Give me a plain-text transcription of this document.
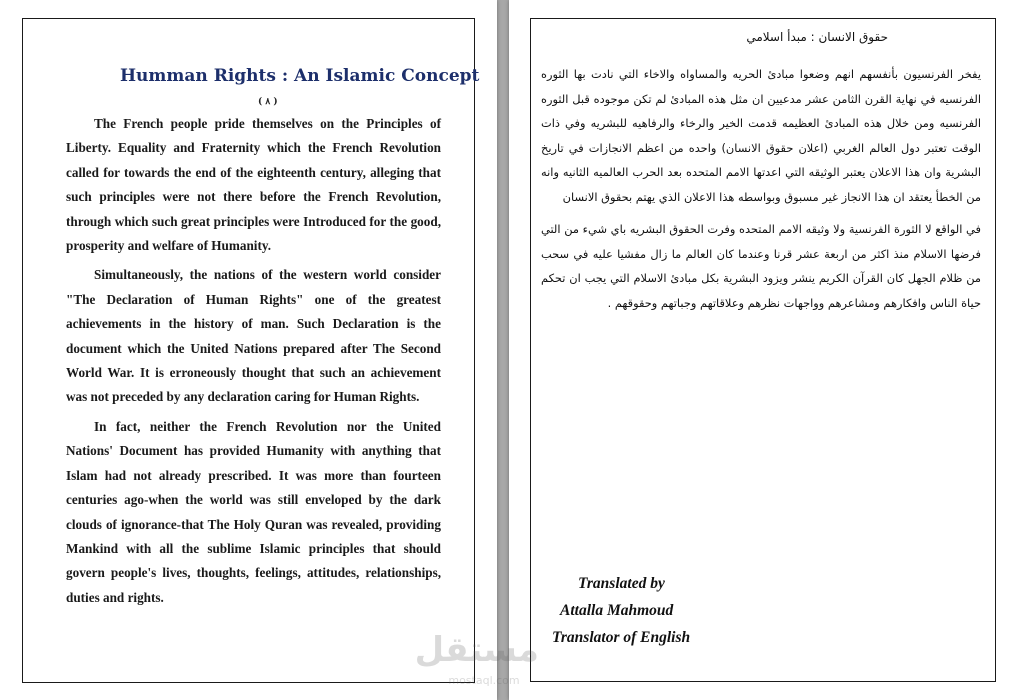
Humman Rights : An Islamic Concept
( ٨ )

The French people pride themselves on the Principles of Liberty. Equality and Fraternity which the French Revolution called for towards the end of the eighteenth century, alleging that such principles were not there before the French Revolution, through which such great principles were Introduced for the good, prosperity and welfare of Humanity.

Simultaneously, the nations of the western world consider "The Declaration of Human Rights" one of the greatest achievements in the history of man. Such Declaration is the document which the United Nations prepared after The Second World War. It is erroneously thought that such an achievement was not preceded by any declaration caring for Human Rights.

In fact, neither the French Revolution nor the United Nations' Document has provided Humanity with anything that Islam had not already prescribed. It was more than fourteen centuries ago-when the world was still enveloped by the dark clouds of ignorance-that The Holy Quran was revealed, providing Mankind with all the sublime Islamic principles that should govern people's lives, thoughts, feelings, attitudes, relationships, duties and rights.

حقوق الانسان : مبدأ اسلامي

يفخر الفرنسيون بأنفسهم انهم وضعوا مبادئ الحريه والمساواه والاخاء التي نادت بها الثوره الفرنسيه في نهاية القرن الثامن عشر مدعيين ان مثل هذه المبادئ لم تكن موجوده قبل الثوره الفرنسيه ومن خلال هذه المبادئ العظيمه قدمت الخير والرخاء والرفاهيه للبشريه وفي ذات الوقت تعتبر دول العالم الغربي (اعلان حقوق الانسان) واحده من اعظم الانجازات في تاريخ البشرية وان هذا الاعلان يعتبر الوثيقه التي اعدتها الامم المتحده بعد الحرب العالميه الثانيه وانه من الخطأ يعتقد ان هذا الانجاز غير مسبوق وبواسطه هذا الاعلان الذي يهتم بحقوق الانسان

في الواقع لا الثورة الفرنسية ولا وثيقه الامم المتحده وفرت الحقوق البشريه باي شيء من التي فرضها الاسلام منذ اكثر من اربعة عشر قرنا وعندما كان العالم ما زال مفشيا عليه في سحب من ظلام الجهل كان القرآن الكريم ينشر ويزود البشرية بكل مبادئ الاسلام التي يجب ان تحكم حياة الناس وافكارهم ومشاعرهم وواجهات نظرهم وعلاقاتهم وجباتهم وحقوقهم .

Translated by
Attalla Mahmoud
Translator of English
مستقل
mostaql.com
